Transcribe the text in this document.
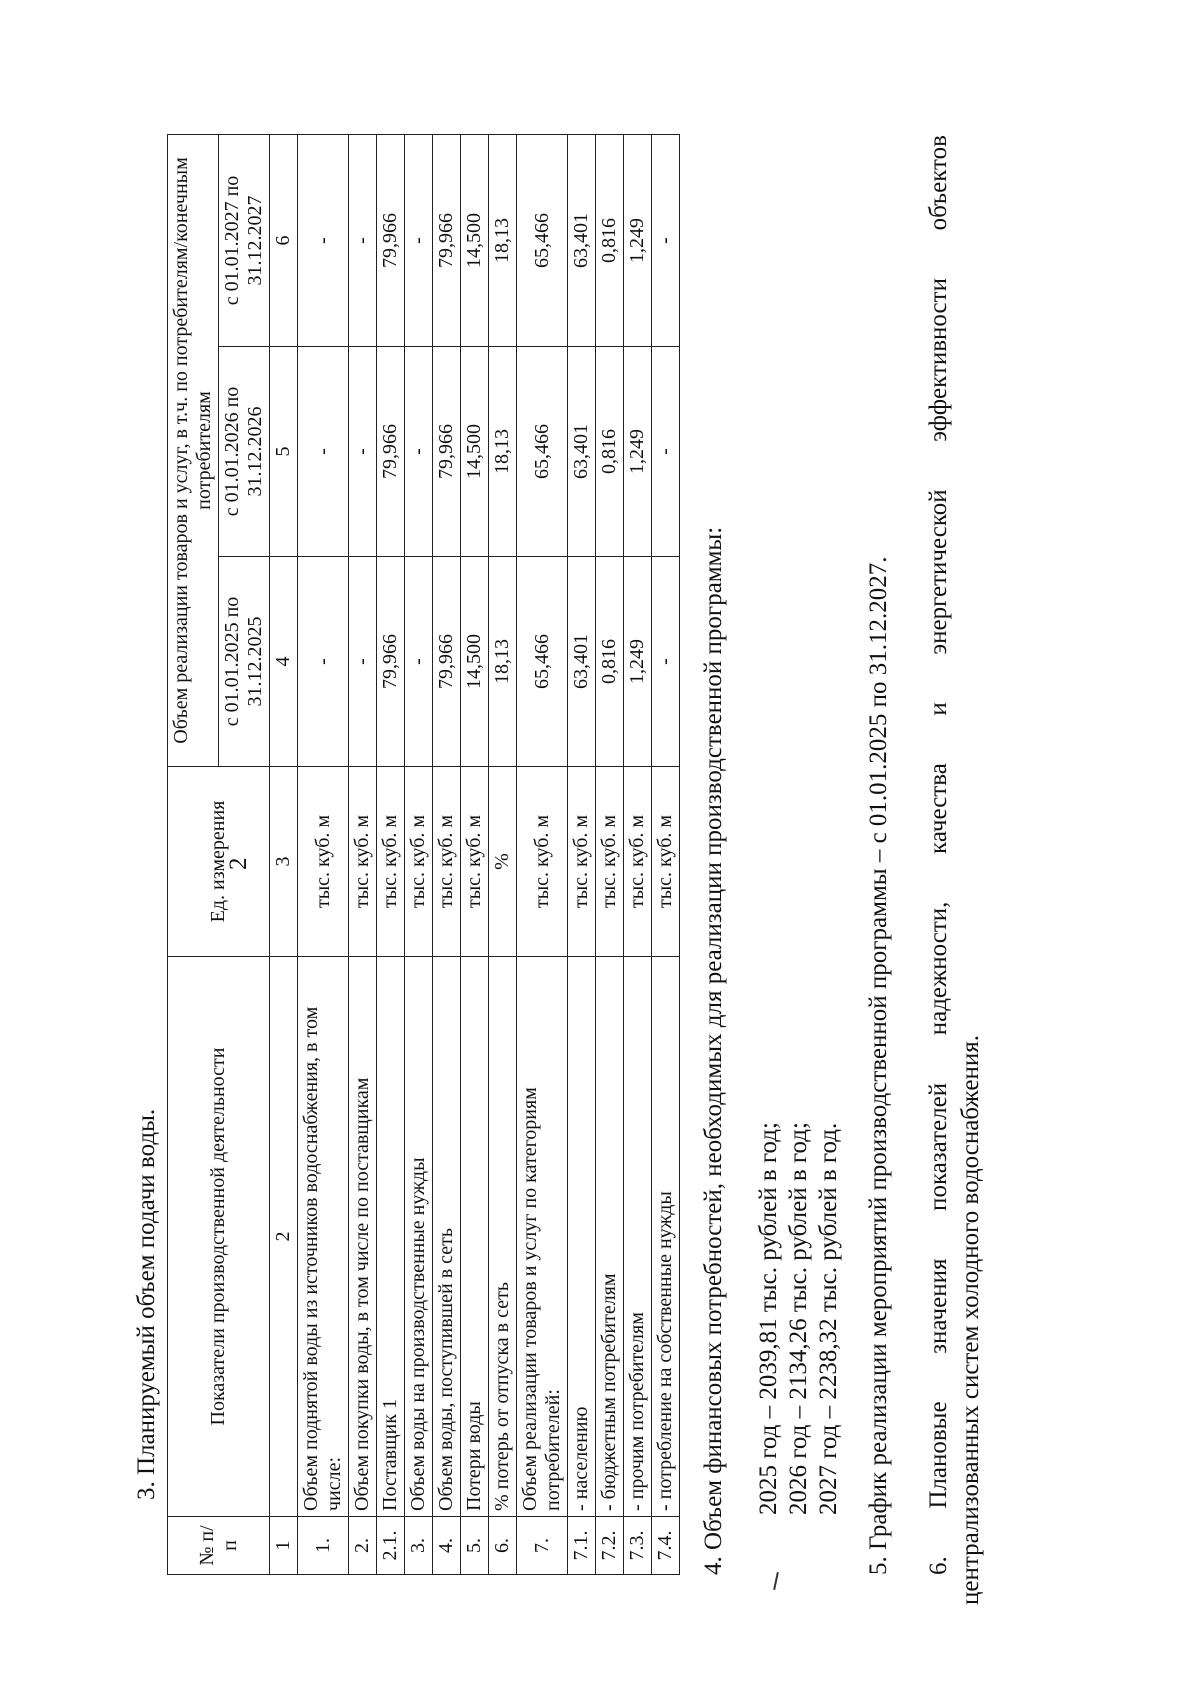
2
3. Планируемый объем подачи воды.
№ п/п	Показатели производственной деятельности	Ед. измерения	Объем реализации товаров и услуг, в т.ч. по потребителям/конечным потребителям		
			с 01.01.2025 по 31.12.2025	с 01.01.2026 по 31.12.2026	с 01.01.2027 по 31.12.2027
1	2	3	4	5	6
1.	Объем поднятой воды из источников водоснабжения, в том числе:	тыс. куб. м	-	-	-
2.	Объем покупки воды, в том числе по поставщикам	тыс. куб. м	-	-	-
2.1.	Поставщик 1	тыс. куб. м	79,966	79,966	79,966
3.	Объем воды на производственные нужды	тыс. куб. м	-	-	-
4.	Объем воды, поступившей в сеть	тыс. куб. м	79,966	79,966	79,966
5.	Потери воды	тыс. куб. м	14,500	14,500	14,500
6.	% потерь от отпуска в сеть	%	18,13	18,13	18,13
7.	Объем реализации товаров и услуг по категориям потребителей:	тыс. куб. м	65,466	65,466	65,466
7.1.	- населению	тыс. куб. м	63,401	63,401	63,401
7.2.	- бюджетным потребителям	тыс. куб. м	0,816	0,816	0,816
7.3.	- прочим потребителям	тыс. куб. м	1,249	1,249	1,249
7.4.	- потребление на собственные нужды	тыс. куб. м	-	-	-
4. Объем финансовых потребностей, необходимых для реализации производственной программы: 2025 год – 2039,81 тыс. рублей в год; 2026 год – 2134,26 тыс. рублей в год; 2027 год – 2238,32 тыс. рублей в год. 5. График реализации мероприятий производственной программы – с 01.01.2025 по 31.12.2027. 6.
Плановые
значения
показателей
надежности,
качества
и
энергетической
эффективности
объектов
централизованных систем холодного водоснабжения.
